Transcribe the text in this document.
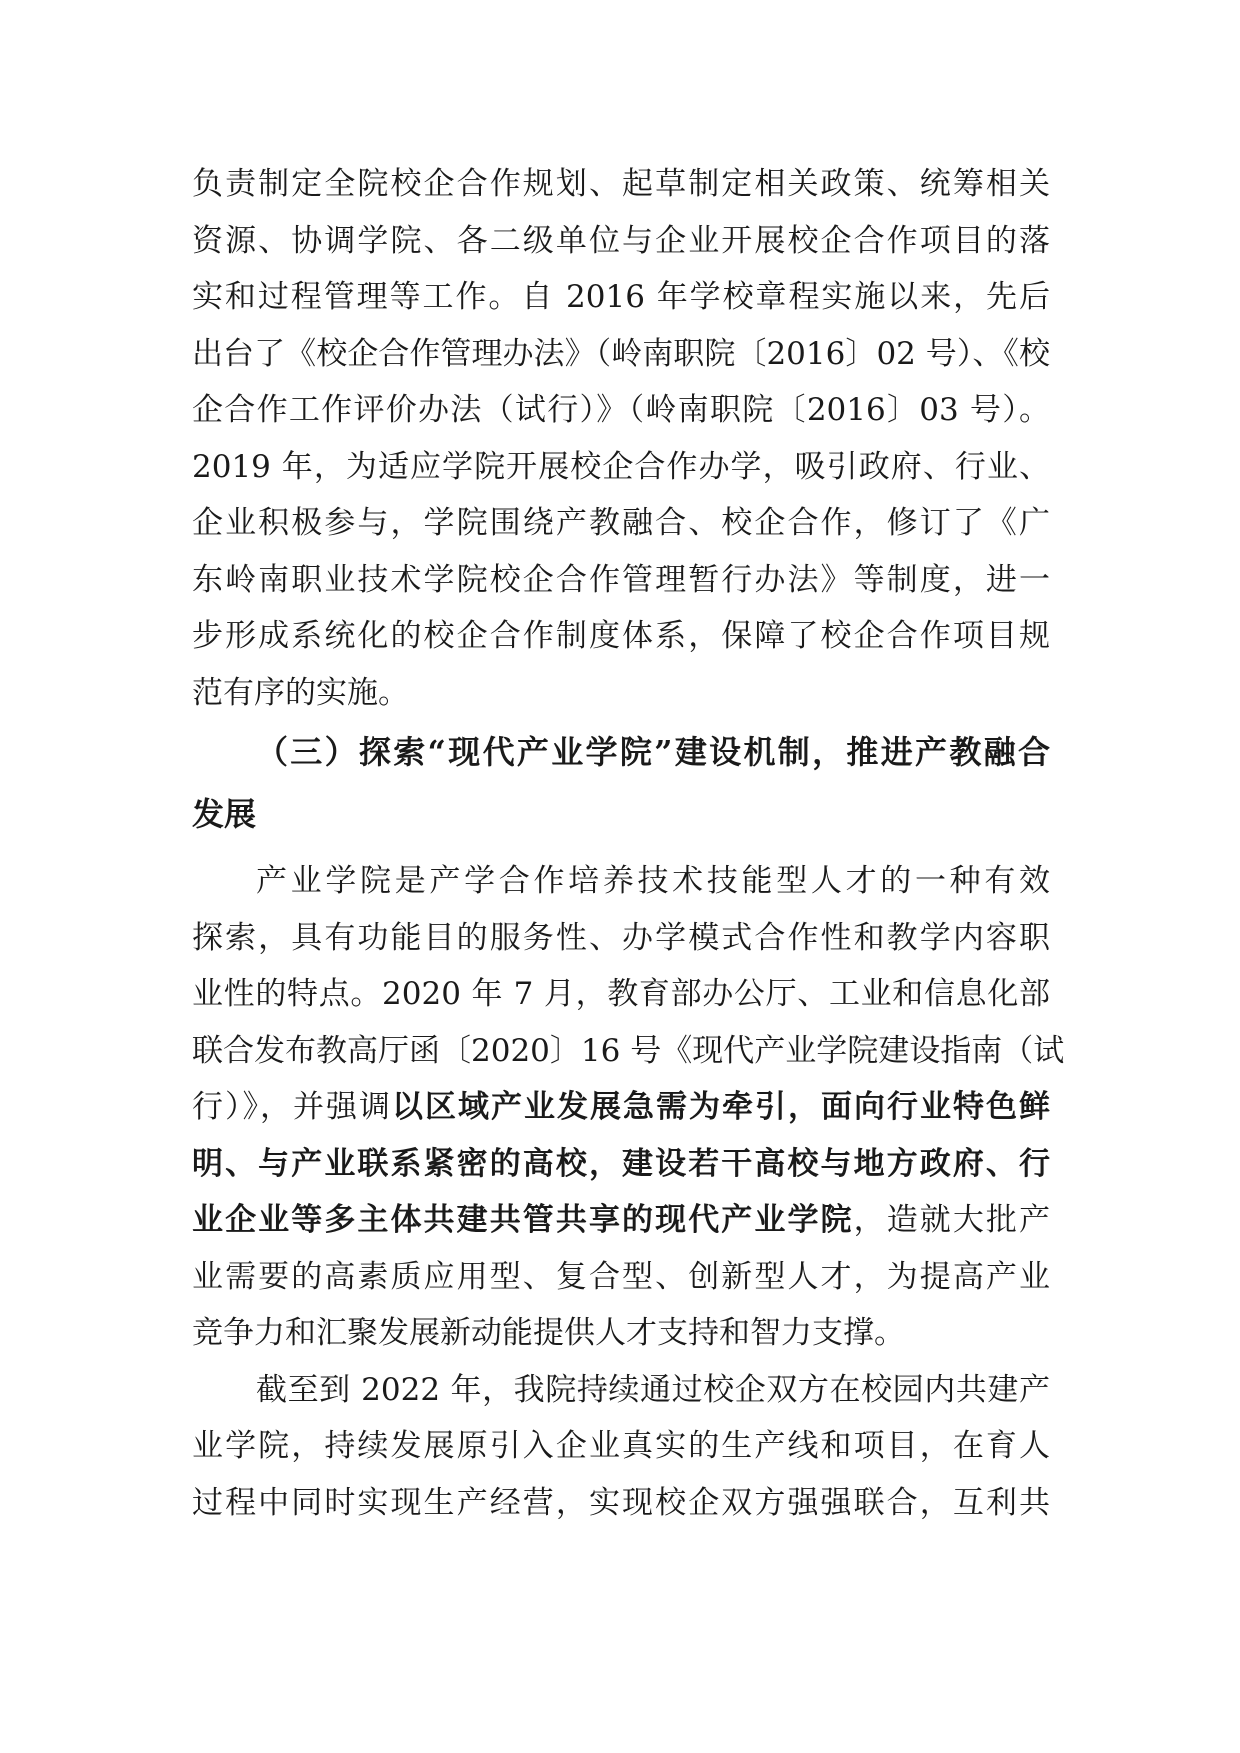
负责制定全院校企合作规划、起草制定相关政策、统筹相关
资源、协调学院、各二级单位与企业开展校企合作项目的落
实和过程管理等工作。自 2016 年学校章程实施以来，先后
出台了《校企合作管理办法》（岭南职院〔2016〕02 号）、《校
企合作工作评价办法（试行）》（岭南职院〔2016〕03 号）。
2019 年，为适应学院开展校企合作办学，吸引政府、行业、
企业积极参与，学院围绕产教融合、校企合作，修订了《广
东岭南职业技术学院校企合作管理暂行办法》等制度，进一
步形成系统化的校企合作制度体系，保障了校企合作项目规
范有序的实施。
（三）探索“现代产业学院”建设机制，推进产教融合
发展
产业学院是产学合作培养技术技能型人才的一种有效
探索，具有功能目的服务性、办学模式合作性和教学内容职
业性的特点。2020 年 7 月，教育部办公厅、工业和信息化部
联合发布教高厅函〔2020〕16 号《现代产业学院建设指南（试
行）》，并强调以区域产业发展急需为牵引，面向行业特色鲜
明、与产业联系紧密的高校，建设若干高校与地方政府、行
业企业等多主体共建共管共享的现代产业学院，造就大批产
业需要的高素质应用型、复合型、创新型人才，为提高产业
竞争力和汇聚发展新动能提供人才支持和智力支撑。
截至到 2022 年，我院持续通过校企双方在校园内共建产
业学院，持续发展原引入企业真实的生产线和项目，在育人
过程中同时实现生产经营，实现校企双方强强联合，互利共
